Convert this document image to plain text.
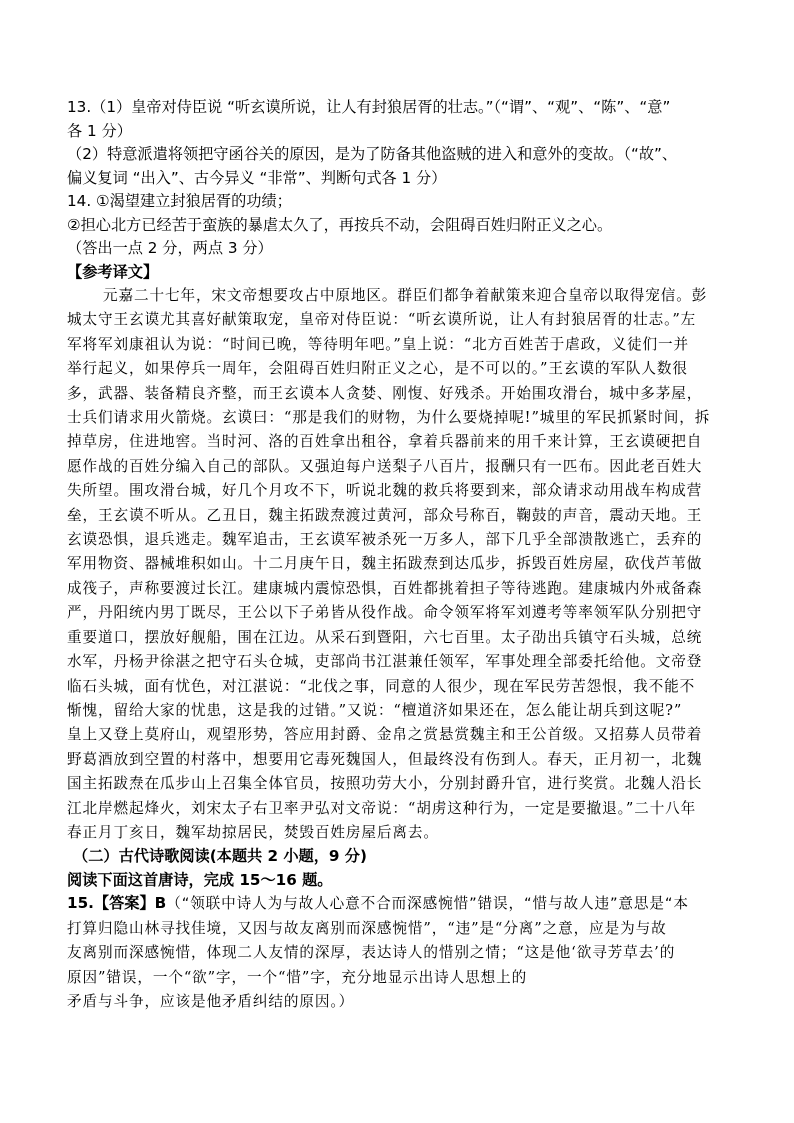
13.（1）皇帝对侍臣说 “听玄谟所说，让人有封狼居胥的壮志。”（“谓”、“观”、“陈”、“意”
各 1 分）
（2）特意派遣将领把守函谷关的原因，是为了防备其他盗贼的进入和意外的变故。（“故”、
偏义复词 “出入”、古今异义 “非常”、判断句式各 1 分）
14. ①渴望建立封狼居胥的功绩；
②担心北方已经苦于蛮族的暴虐太久了，再按兵不动，会阻碍百姓归附正义之心。
（答出一点 2 分，两点 3 分）
【参考译文】
元嘉二十七年，宋文帝想要攻占中原地区。群臣们都争着献策来迎合皇帝以取得宠信。彭
城太守王玄谟尤其喜好献策取宠，皇帝对侍臣说：“听玄谟所说，让人有封狼居胥的壮志。”左
军将军刘康祖认为说：“时间已晚，等待明年吧。”皇上说：“北方百姓苦于虐政，义徒们一并
举行起义，如果停兵一周年，会阻碍百姓归附正义之心，是不可以的。”王玄谟的军队人数很
多，武器、装备精良齐整，而王玄谟本人贪婪、刚愎、好残杀。开始围攻滑台，城中多茅屋，
士兵们请求用火箭烧。玄谟曰：“那是我们的财物，为什么要烧掉呢!”城里的军民抓紧时间，拆
掉草房，住进地窖。当时河、洛的百姓拿出租谷，拿着兵器前来的用千来计算，王玄谟硬把自
愿作战的百姓分编入自己的部队。又强迫每户送梨子八百片，报酬只有一匹布。因此老百姓大
失所望。围攻滑台城，好几个月攻不下，听说北魏的救兵将要到来，部众请求动用战车构成营
垒，王玄谟不听从。乙丑日，魏主拓跋焘渡过黄河，部众号称百，鞠鼓的声音，震动天地。王
玄谟恐惧，退兵逃走。魏军追击，王玄谟军被杀死一万多人，部下几乎全部溃散逃亡，丢弃的
军用物资、器械堆积如山。十二月庚午日，魏主拓跋焘到达瓜步，拆毁百姓房屋，砍伐芦苇做
成筏子，声称要渡过长江。建康城内震惊恐惧，百姓都挑着担子等待逃跑。建康城内外戒备森
严，丹阳统内男丁既尽，王公以下子弟皆从役作战。命令领军将军刘遵考等率领军队分别把守
重要道口，摆放好舰船，围在江边。从采石到暨阳，六七百里。太子劭出兵镇守石头城，总统
水军，丹杨尹徐湛之把守石头仓城，吏部尚书江湛兼任领军，军事处理全部委托给他。文帝登
临石头城，面有忧色，对江湛说：“北伐之事，同意的人很少，现在军民劳苦怨恨，我不能不
惭愧，留给大家的忧患，这是我的过错。”又说：“檀道济如果还在，怎么能让胡兵到这呢?”
皇上又登上莫府山，观望形势，答应用封爵、金帛之赏悬赏魏主和王公首级。又招募人员带着
野葛酒放到空置的村落中，想要用它毒死魏国人，但最终没有伤到人。春天，正月初一，北魏
国主拓跋焘在瓜步山上召集全体官员，按照功劳大小，分别封爵升官，进行奖赏。北魏人沿长
江北岸燃起烽火，刘宋太子右卫率尹弘对文帝说：“胡虏这种行为，一定是要撤退。”二十八年
春正月丁亥日，魏军劫掠居民，焚毁百姓房屋后离去。
（二）古代诗歌阅读(本题共 2 小题，9 分)
阅读下面这首唐诗，完成 15～16 题。
15.【答案】B（“领联中诗人为与故人心意不合而深感惋惜”错误，“惜与故人违”意思是“本
打算归隐山林寻找佳境，又因与故友离别而深感惋惜”，“违”是“分离”之意，应是为与故
友离别而深感惋惜，体现二人友情的深厚，表达诗人的惜别之情；“这是他‘欲寻芳草去’的
原因”错误，一个“欲”字，一个“惜”字，充分地显示出诗人思想上的
矛盾与斗争，应该是他矛盾纠结的原因。）
